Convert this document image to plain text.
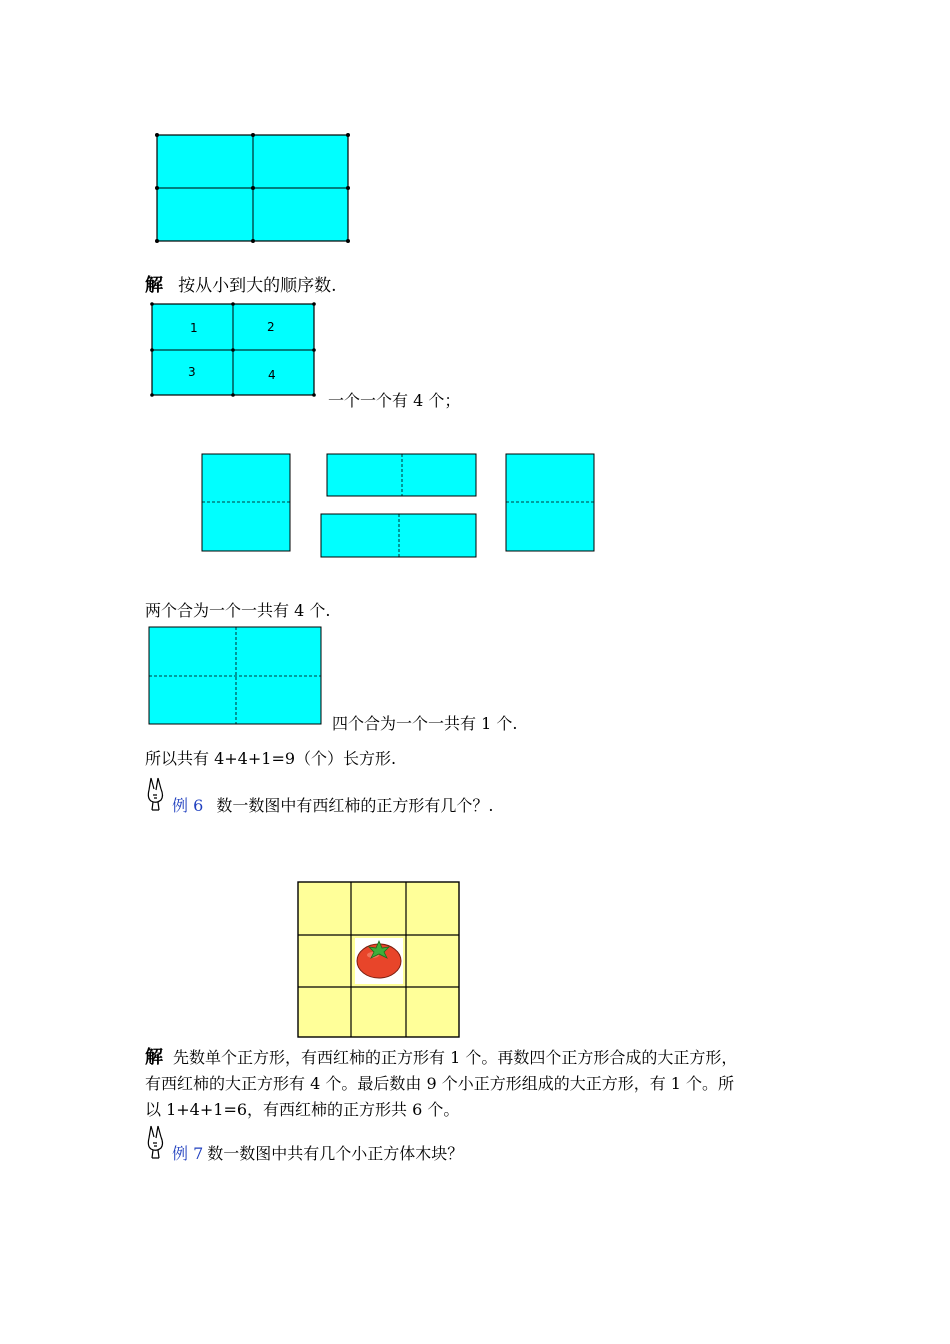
解 按从小到大的顺序数.
1	2
3	4
一个一个有 4 个；
两个合为一个一共有 4 个.
四个合为一个一共有 1 个.
所以共有 4+4+1=9（个）长方形.
例 6 数一数图中有西红柿的正方形有几个？.
解 先数单个正方形，有西红柿的正方形有 1 个。再数四个正方形合成的大正方形，
有西红柿的大正方形有 4 个。最后数由 9 个小正方形组成的大正方形，有 1 个。所
以 1+4+1=6，有西红柿的正方形共 6 个。
例 7 数一数图中共有几个小正方体木块？
